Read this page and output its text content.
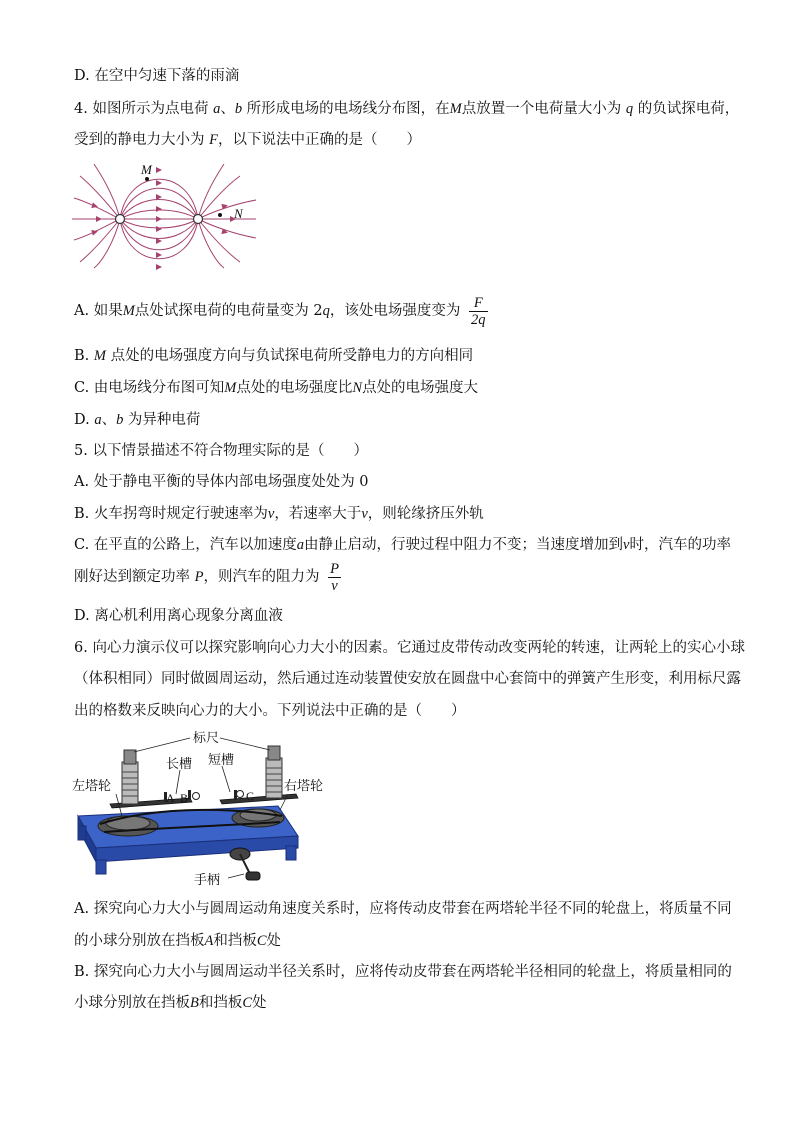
D. 在空中匀速下落的雨滴
4. 如图所示为点电荷 a、b 所形成电场的电场线分布图，在M点放置一个电荷量大小为 q 的负试探电荷，
受到的静电力大小为 F，以下说法中正确的是（　　）
M
N
A. 如果M点处试探电荷的电荷量变为 2q，该处电场强度变为 $\frac{F}{2q}$
B. M 点处的电场强度方向与负试探电荷所受静电力的方向相同
C. 由电场线分布图可知M点处的电场强度比N点处的电场强度大
D. a、b 为异种电荷
5. 以下情景描述不符合物理实际的是（　　）
A. 处于静电平衡的导体内部电场强度处处为 0
B. 火车拐弯时规定行驶速率为v，若速率大于v，则轮缘挤压外轨
C. 在平直的公路上，汽车以加速度a由静止启动，行驶过程中阻力不变；当速度增加到v时，汽车的功率
刚好达到额定功率 P，则汽车的阻力为 $\frac{P}{v}$
D. 离心机利用离心现象分离血液
6. 向心力演示仪可以探究影响向心力大小的因素。它通过皮带传动改变两轮的转速，让两轮上的实心小球
（体积相同）同时做圆周运动，然后通过连动装置使安放在圆盘中心套筒中的弹簧产生形变，利用标尺露
出的格数来反映向心力的大小。下列说法中正确的是（　　）
标尺
长槽 短槽
左塔轮	右塔轮
手柄
A B	C
A. 探究向心力大小与圆周运动角速度关系时，应将传动皮带套在两塔轮半径不同的轮盘上，将质量不同
的小球分别放在挡板A和挡板C处
B. 探究向心力大小与圆周运动半径关系时，应将传动皮带套在两塔轮半径相同的轮盘上，将质量相同的
小球分别放在挡板B和挡板C处
